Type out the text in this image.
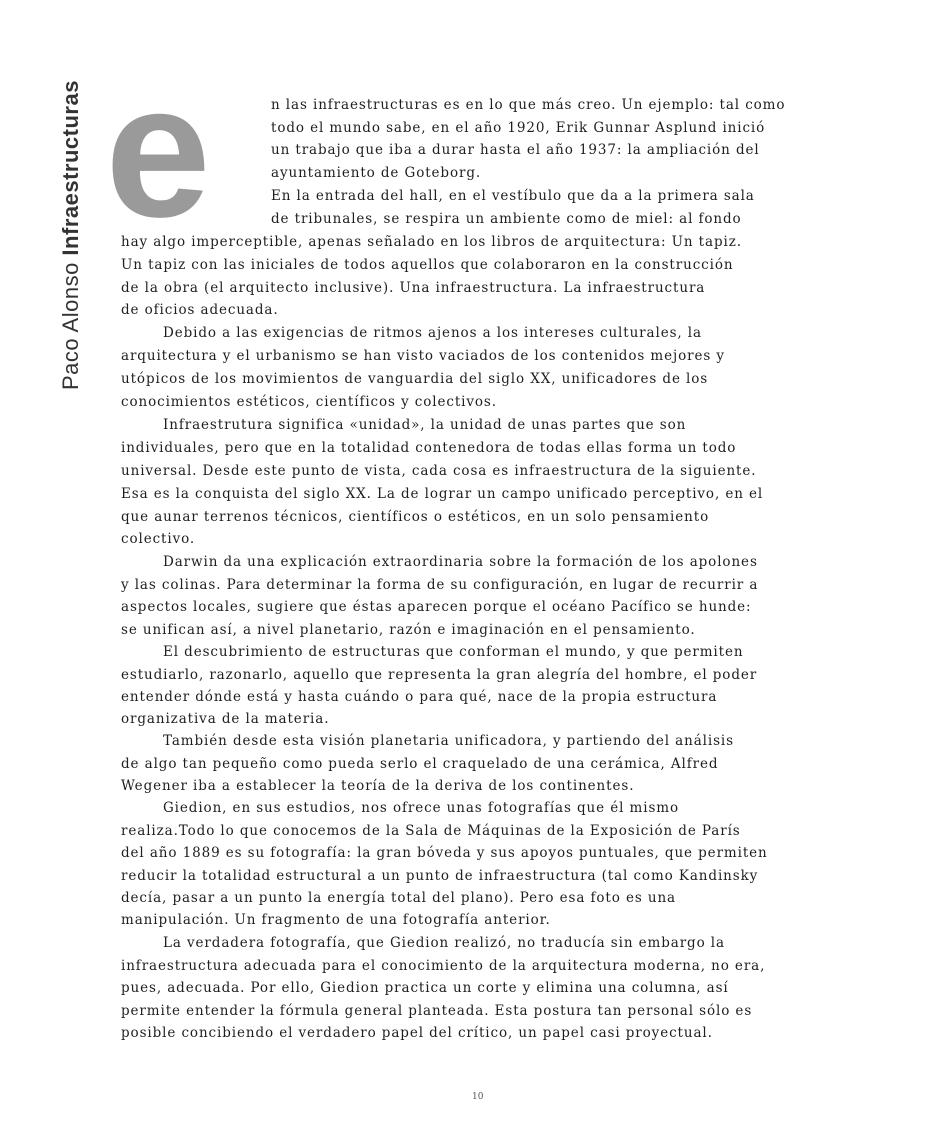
Paco Alonso Infraestructuras e	n las infraestructuras es en lo que más creo. Un ejemplo: tal como
todo el mundo sabe, en el año 1920, Erik Gunnar Asplund inició
un trabajo que iba a durar hasta el año 1937: la ampliación del
ayuntamiento de Goteborg.
En la entrada del hall, en el vestíbulo que da a la primera sala
de tribunales, se respira un ambiente como de miel: al fondo
hay algo imperceptible, apenas señalado en los libros de arquitectura: Un tapiz.
Un tapiz con las iniciales de todos aquellos que colaboraron en la construcción
de la obra (el arquitecto inclusive). Una infraestructura. La infraestructura
de oficios adecuada.
Debido a las exigencias de ritmos ajenos a los intereses culturales, la
arquitectura y el urbanismo se han visto vaciados de los contenidos mejores y
utópicos de los movimientos de vanguardia del siglo XX, unificadores de los
conocimientos estéticos, científicos y colectivos.
Infraestrutura significa «unidad», la unidad de unas partes que son
individuales, pero que en la totalidad contenedora de todas ellas forma un todo
universal. Desde este punto de vista, cada cosa es infraestructura de la siguiente.
Esa es la conquista del siglo XX. La de lograr un campo unificado perceptivo, en el
que aunar terrenos técnicos, científicos o estéticos, en un solo pensamiento
colectivo.
Darwin da una explicación extraordinaria sobre la formación de los apolones
y las colinas. Para determinar la forma de su configuración, en lugar de recurrir a
aspectos locales, sugiere que éstas aparecen porque el océano Pacífico se hunde:
se unifican así, a nivel planetario, razón e imaginación en el pensamiento.
El descubrimiento de estructuras que conforman el mundo, y que permiten
estudiarlo, razonarlo, aquello que representa la gran alegría del hombre, el poder
entender dónde está y hasta cuándo o para qué, nace de la propia estructura
organizativa de la materia.
También desde esta visión planetaria unificadora, y partiendo del análisis
de algo tan pequeño como pueda serlo el craquelado de una cerámica, Alfred
Wegener iba a establecer la teoría de la deriva de los continentes.
Giedion, en sus estudios, nos ofrece unas fotografías que él mismo
realiza.Todo lo que conocemos de la Sala de Máquinas de la Exposición de París
del año 1889 es su fotografía: la gran bóveda y sus apoyos puntuales, que permiten
reducir la totalidad estructural a un punto de infraestructura (tal como Kandinsky
decía, pasar a un punto la energía total del plano). Pero esa foto es una
manipulación. Un fragmento de una fotografía anterior.
La verdadera fotografía, que Giedion realizó, no traducía sin embargo la
infraestructura adecuada para el conocimiento de la arquitectura moderna, no era,
pues, adecuada. Por ello, Giedion practica un corte y elimina una columna, así
permite entender la fórmula general planteada. Esta postura tan personal sólo es
posible concibiendo el verdadero papel del crítico, un papel casi proyectual.
10
